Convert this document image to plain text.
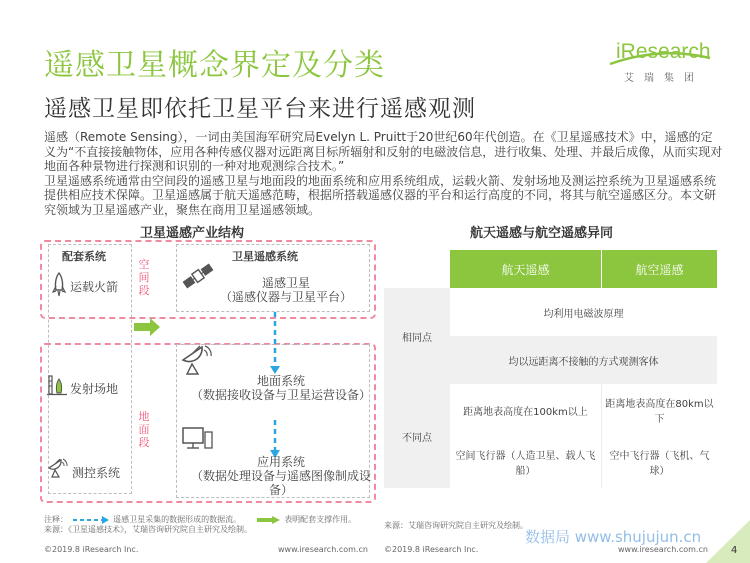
遥感卫星概念界定及分类
遥感卫星即依托卫星平台来进行遥感观测
iResearch
艾瑞集团

遥感（Remote Sensing），一词由美国海军研究局Evelyn L. Pruitt于20世纪60年代创造。在《卫星遥感技术》中，遥感的定义为“不直接接触物体，应用各种传感仪器对远距离目标所辐射和反射的电磁波信息，进行收集、处理、并最后成像，从而实现对地面各种景物进行探测和识别的一种对地观测综合技术。”

卫星遥感系统通常由空间段的遥感卫星与地面段的地面系统和应用系统组成，运载火箭、发射场地及测运控系统为卫星遥感系统提供相应技术保障。卫星遥感属于航天遥感范畴，根据所搭载遥感仪器的平台和运行高度的不同，将其与航空遥感区分。本文研究领域为卫星遥感产业，聚焦在商用卫星遥感领域。

卫星遥感产业结构	航天遥感与航空遥感异同
配套系统	卫星遥感系统
空间段
地面段
运载火箭
发射场地
测控系统
遥感卫星
（遥感仪器与卫星平台）
地面系统
（数据接收设备与卫星运营设备）
应用系统
（数据处理设备与遥感图像制成设备）
注释：	遥感卫星采集的数据形成的数据流。	表明配套支撑作用。
来源：《卫星遥感技术》，艾瑞咨询研究院自主研究及绘制。
©2019.8 iResearch Inc.	www.iresearch.com.cn
	航天遥感	航空遥感
相同点	均利用电磁波原理	
	均以远距离不接触的方式观测客体	
不同点	距离地表高度在100km以上	距离地表高度在80km以下
	空间飞行器（人造卫星、载人飞船）	空中飞行器（飞机、气球）
来源：艾瑞咨询研究院自主研究及绘制。
©2019.8 iResearch Inc.	www.iresearch.com.cn
数据局 www.shujujun.cn
4
